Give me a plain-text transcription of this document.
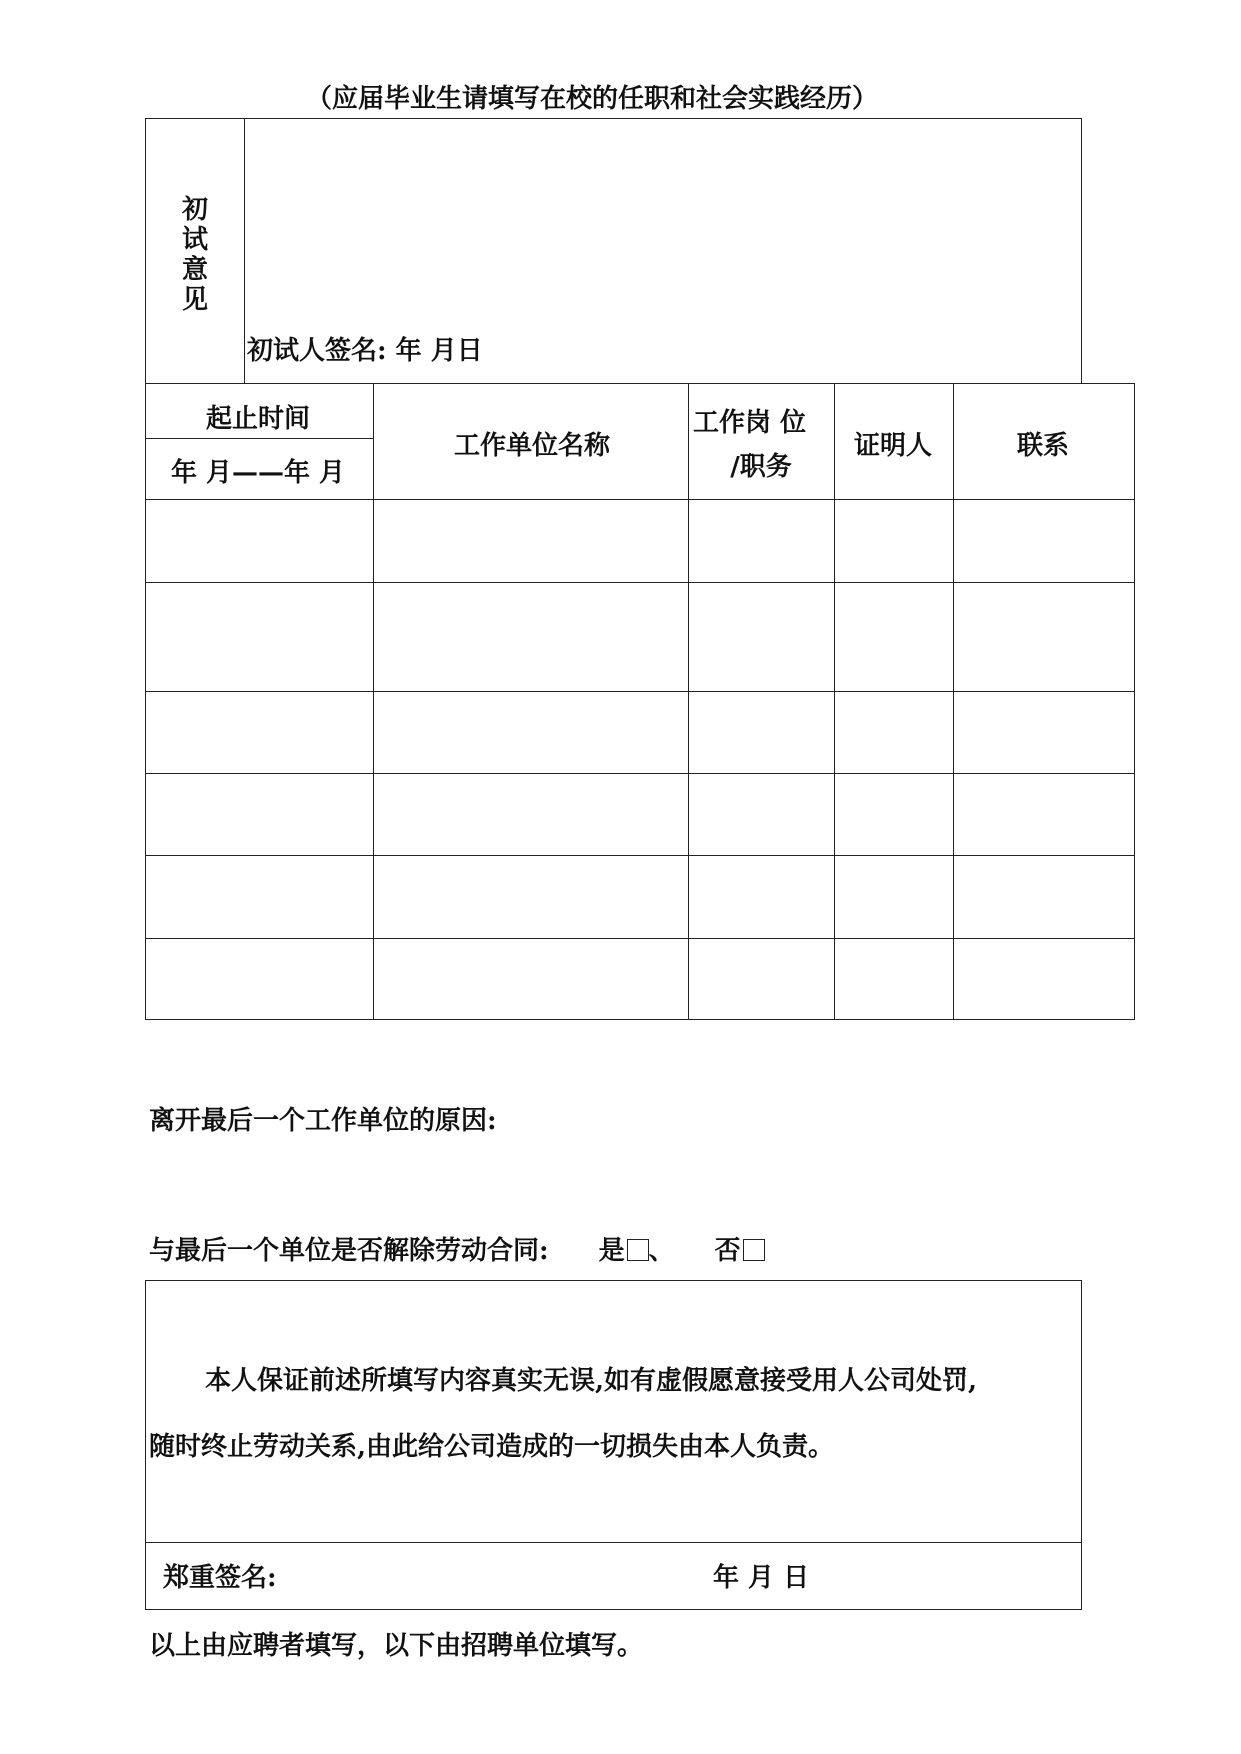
（应届毕业生请填写在校的任职和社会实践经历）
初
试
意
见
初试人签名: 年 月日
起止时间
年 月——年 月
工作单位名称
工作岗 位
/职务
证明人	联系
离开最后一个工作单位的原因:
与最后一个单位是否解除劳动合同: 是 、 否
本人保证前述所填写内容真实无误,如有虚假愿意接受用人公司处罚,
随时终止劳动关系,由此给公司造成的一切损失由本人负责。
郑重签名:	年 月 日
以上由应聘者填写，以下由招聘单位填写。
